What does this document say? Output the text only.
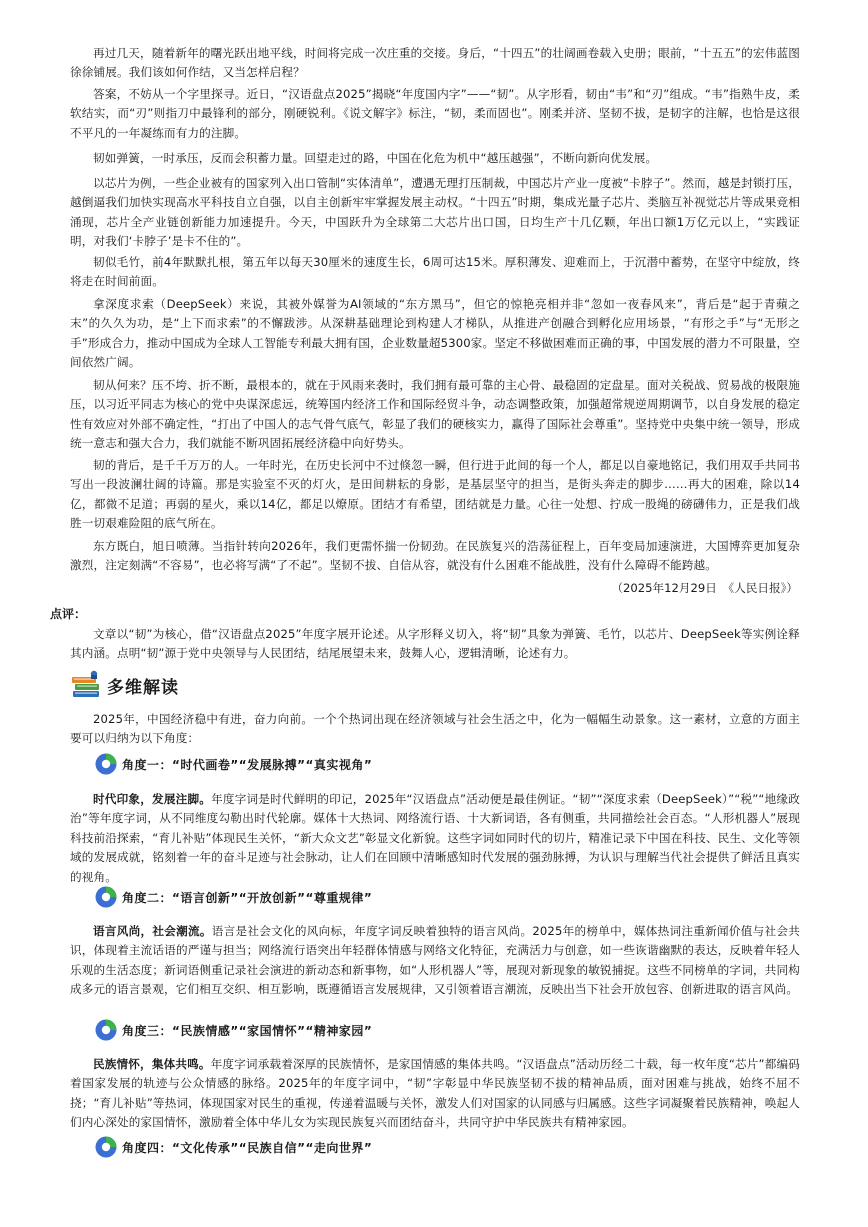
再过几天，随着新年的曙光跃出地平线，时间将完成一次庄重的交接。身后，“十四五”的壮阔画卷载入史册；眼前，“十五五”的宏伟蓝图徐徐铺展。我们该如何作结，又当怎样启程？

答案，不妨从一个字里探寻。近日，“汉语盘点2025”揭晓“年度国内字”——“韧”。从字形看，韧由“韦”和“刃”组成。“韦”指熟牛皮，柔软结实，而“刃”则指刀中最锋利的部分，刚硬锐利。《说文解字》标注，“韧，柔而固也”。刚柔并济、坚韧不拔，是韧字的注解，也恰是这很不平凡的一年凝练而有力的注脚。

韧如弹簧，一时承压，反而会积蓄力量。回望走过的路，中国在化危为机中“越压越强”，不断向新向优发展。

以芯片为例，一些企业被有的国家列入出口管制“实体清单”，遭遇无理打压制裁，中国芯片产业一度被“卡脖子”。然而，越是封锁打压，越倒逼我们加快实现高水平科技自立自强，以自主创新牢牢掌握发展主动权。“十四五”时期，集成光量子芯片、类脑互补视觉芯片等成果竞相涌现，芯片全产业链创新能力加速提升。今天，中国跃升为全球第二大芯片出口国，日均生产十几亿颗，年出口额1万亿元以上，“实践证明，对我们‘卡脖子’是卡不住的”。

韧似毛竹，前4年默默扎根，第五年以每天30厘米的速度生长，6周可达15米。厚积薄发、迎难而上，于沉潜中蓄势，在坚守中绽放，终将走在时间前面。

拿深度求索（DeepSeek）来说，其被外媒誉为AI领域的“东方黑马”，但它的惊艳亮相并非“忽如一夜春风来”，背后是“起于青蘋之末”的久久为功，是“上下而求索”的不懈跋涉。从深耕基础理论到构建人才梯队，从推进产创融合到孵化应用场景，“有形之手”与“无形之手”形成合力，推动中国成为全球人工智能专利最大拥有国，企业数量超5300家。坚定不移做困难而正确的事，中国发展的潜力不可限量，空间依然广阔。

韧从何来？压不垮、折不断，最根本的，就在于风雨来袭时，我们拥有最可靠的主心骨、最稳固的定盘星。面对关税战、贸易战的极限施压，以习近平同志为核心的党中央谋深虑远，统筹国内经济工作和国际经贸斗争，动态调整政策，加强超常规逆周期调节，以自身发展的稳定性有效应对外部不确定性，“打出了中国人的志气骨气底气，彰显了我们的硬核实力，赢得了国际社会尊重”。坚持党中央集中统一领导，形成统一意志和强大合力，我们就能不断巩固拓展经济稳中向好势头。

韧的背后，是千千万万的人。一年时光，在历史长河中不过倏忽一瞬，但行进于此间的每一个人，都足以自豪地铭记，我们用双手共同书写出一段波澜壮阔的诗篇。那是实验室不灭的灯火，是田间耕耘的身影，是基层坚守的担当，是街头奔走的脚步……再大的困难，除以14亿，都微不足道；再弱的星火，乘以14亿，都足以燎原。团结才有希望，团结就是力量。心往一处想、拧成一股绳的磅礴伟力，正是我们战胜一切艰难险阻的底气所在。

东方既白，旭日喷薄。当指针转向2026年，我们更需怀揣一份韧劲。在民族复兴的浩荡征程上，百年变局加速演进，大国博弈更加复杂激烈，注定刻满“不容易”，也必将写满“了不起”。坚韧不拔、自信从容，就没有什么困难不能战胜，没有什么障碍不能跨越。

（2025年12月29日　《人民日报》）
点评：

文章以“韧”为核心，借“汉语盘点2025”年度字展开论述。从字形释义切入，将“韧”具象为弹簧、毛竹，以芯片、DeepSeek等实例诠释其内涵。点明“韧”源于党中央领导与人民团结，结尾展望未来，鼓舞人心，逻辑清晰，论述有力。

多维解读

2025年，中国经济稳中有进，奋力向前。一个个热词出现在经济领域与社会生活之中，化为一幅幅生动景象。这一素材，立意的方面主要可以归纳为以下角度：

角度一：“时代画卷”“发展脉搏”“真实视角”

时代印象，发展注脚。年度字词是时代鲜明的印记，2025年“汉语盘点”活动便是最佳例证。“韧”“深度求索（DeepSeek）”“税”“地缘政治”等年度字词，从不同维度勾勒出时代轮廓。媒体十大热词、网络流行语、十大新词语，各有侧重，共同描绘社会百态。“人形机器人”展现科技前沿探索，“育儿补贴”体现民生关怀，“新大众文艺”彰显文化新貌。这些字词如同时代的切片，精准记录下中国在科技、民生、文化等领域的发展成就，铭刻着一年的奋斗足迹与社会脉动，让人们在回顾中清晰感知时代发展的强劲脉搏，为认识与理解当代社会提供了鲜活且真实的视角。

角度二：“语言创新”“开放创新”“尊重规律”

语言风尚，社会潮流。语言是社会文化的风向标，年度字词反映着独特的语言风尚。2025年的榜单中，媒体热词注重新闻价值与社会共识，体现着主流话语的严谨与担当；网络流行语突出年轻群体情感与网络文化特征，充满活力与创意，如一些诙谐幽默的表达，反映着年轻人乐观的生活态度；新词语侧重记录社会演进的新动态和新事物，如“人形机器人”等，展现对新现象的敏锐捕捉。这些不同榜单的字词，共同构成多元的语言景观，它们相互交织、相互影响，既遵循语言发展规律，又引领着语言潮流，反映出当下社会开放包容、创新进取的语言风尚。

角度三：“民族情感”“家国情怀”“精神家园”

民族情怀，集体共鸣。年度字词承载着深厚的民族情怀，是家国情感的集体共鸣。“汉语盘点”活动历经二十载，每一枚年度“芯片”都编码着国家发展的轨迹与公众情感的脉络。2025年的年度字词中，“韧”字彰显中华民族坚韧不拔的精神品质，面对困难与挑战，始终不屈不挠；“育儿补贴”等热词，体现国家对民生的重视，传递着温暖与关怀，激发人们对国家的认同感与归属感。这些字词凝聚着民族精神，唤起人们内心深处的家国情怀，激励着全体中华儿女为实现民族复兴而团结奋斗，共同守护中华民族共有精神家园。

角度四：“文化传承”“民族自信”“走向世界”
